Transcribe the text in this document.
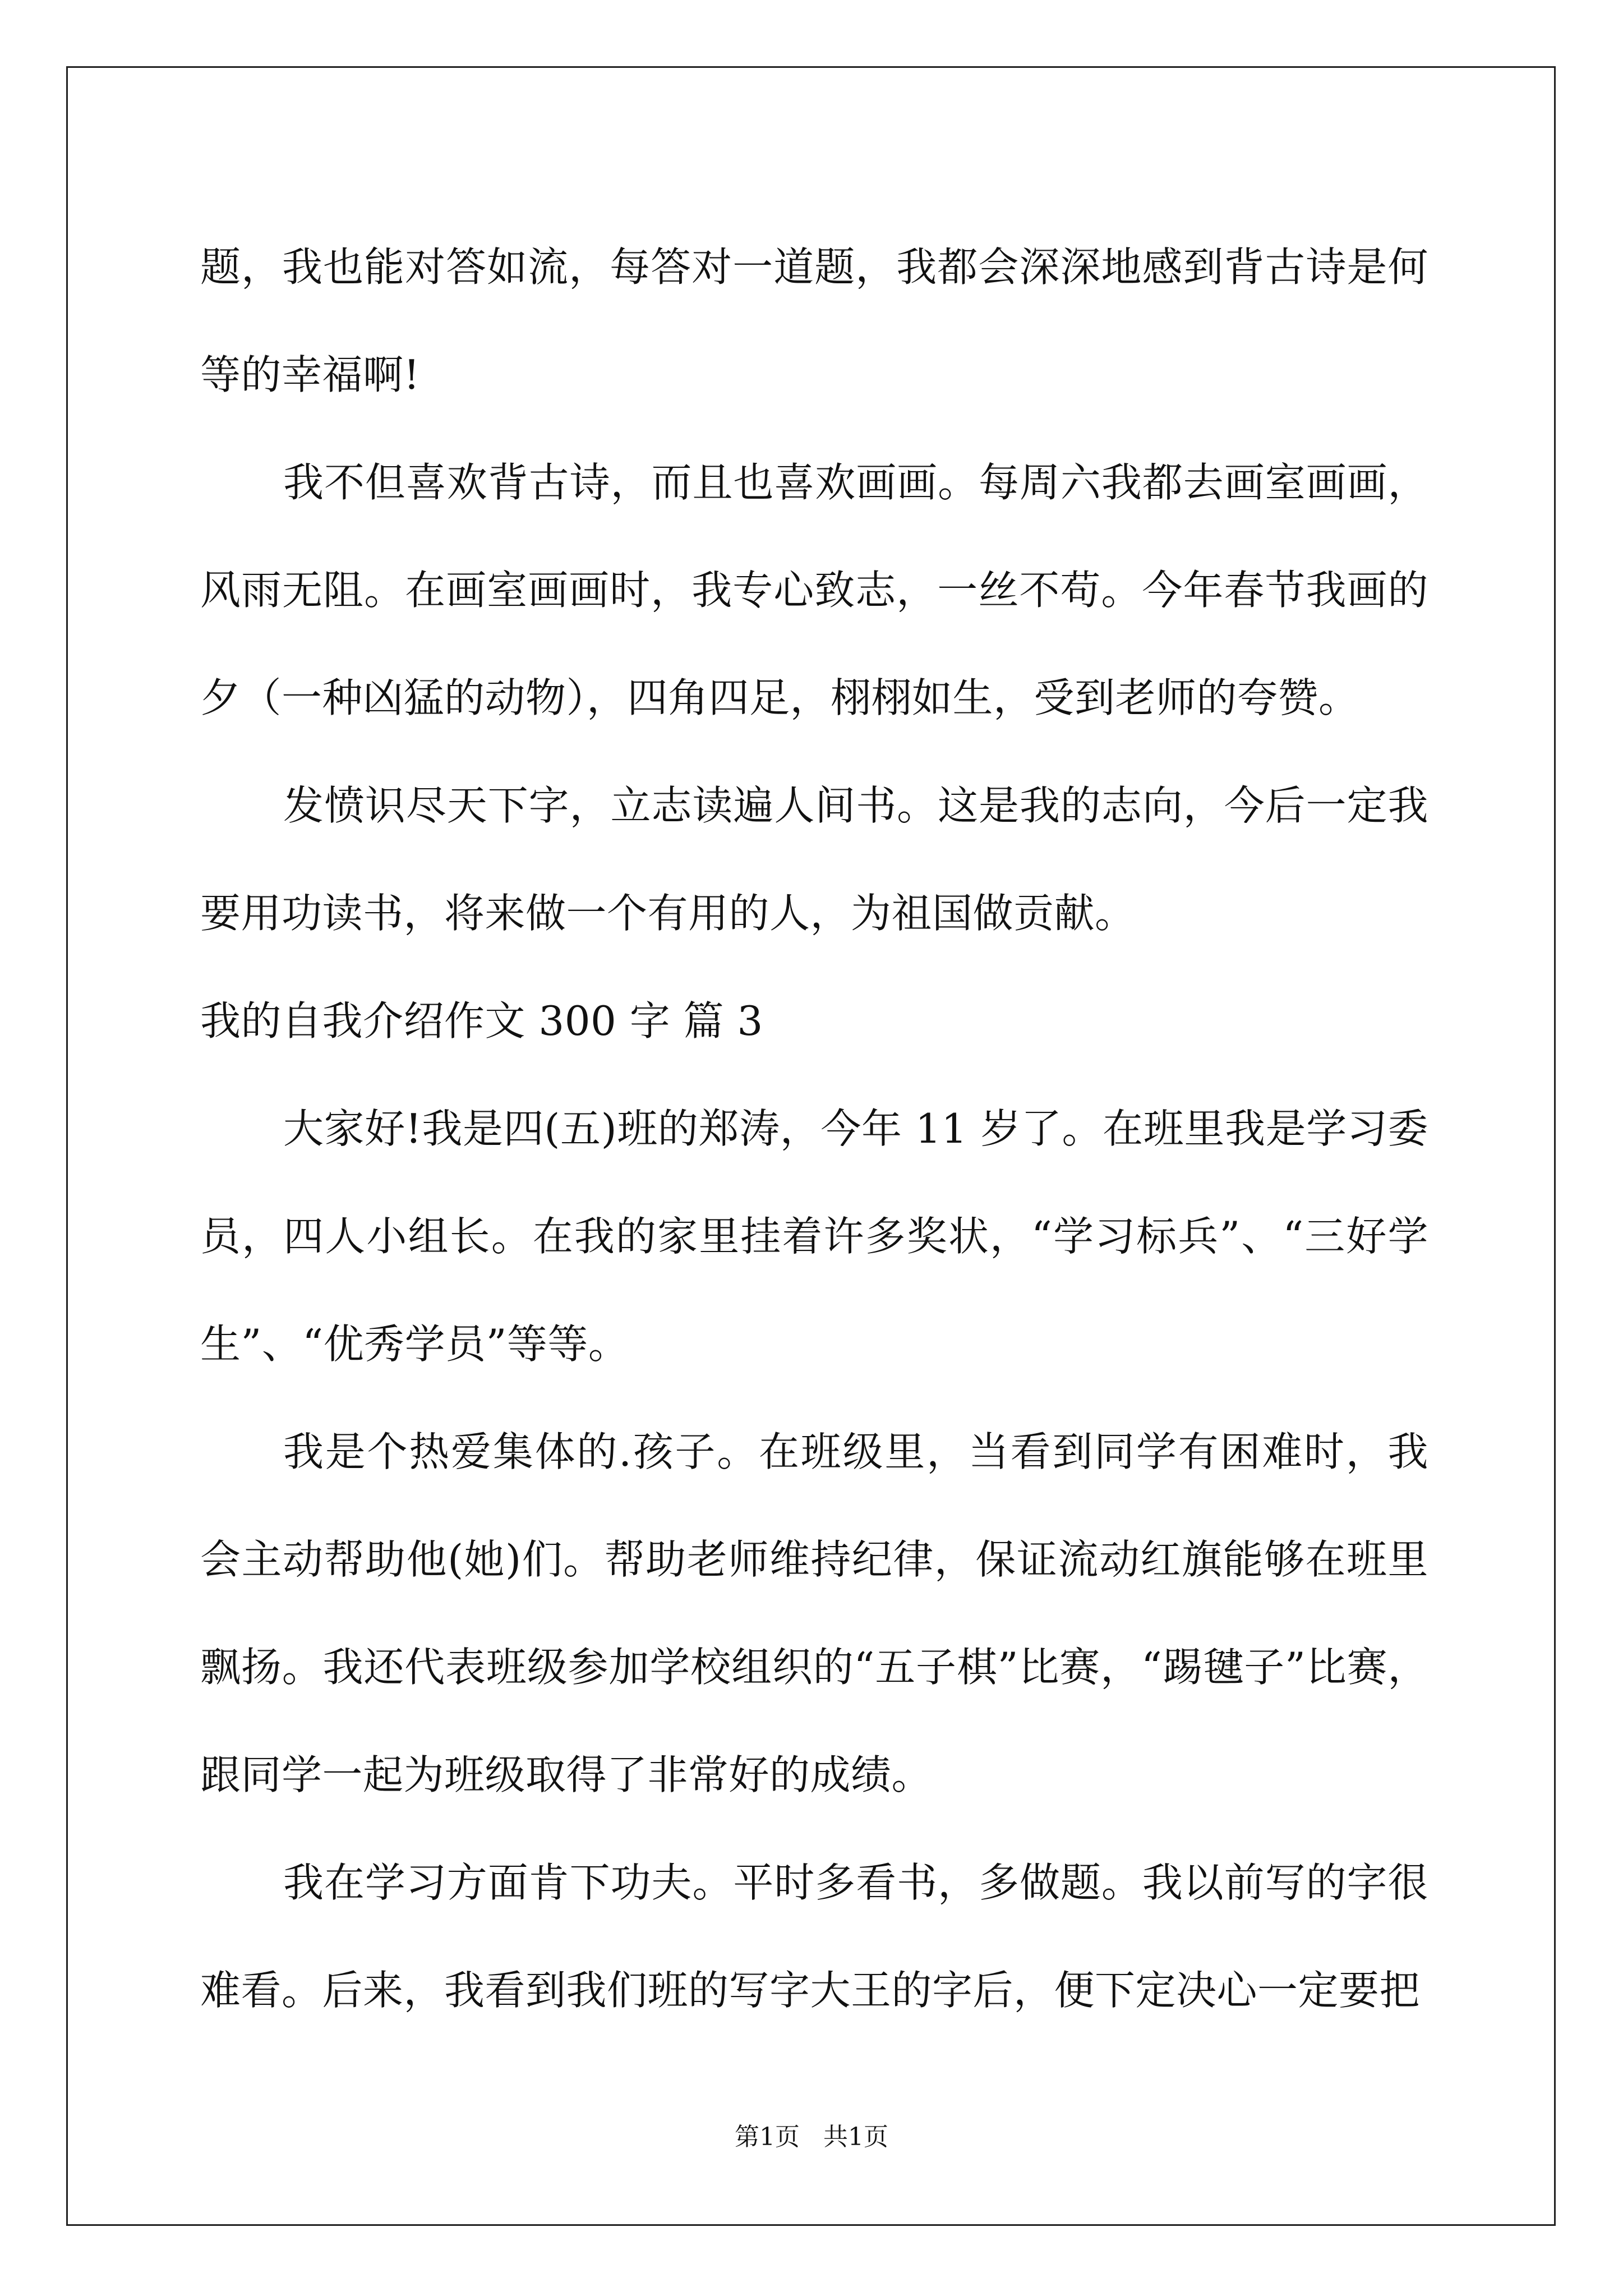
题，我也能对答如流，每答对一道题，我都会深深地感到背古诗是何等的幸福啊!

我不但喜欢背古诗，而且也喜欢画画。每周六我都去画室画画，风雨无阻。在画室画画时，我专心致志，一丝不苟。今年春节我画的夕（一种凶猛的动物），四角四足，栩栩如生，受到老师的夸赞。

发愤识尽天下字，立志读遍人间书。这是我的志向，今后一定我要用功读书，将来做一个有用的人，为祖国做贡献。

我的自我介绍作文 300 字 篇 3

大家好!我是四(五)班的郑涛，今年 11 岁了。在班里我是学习委员，四人小组长。在我的家里挂着许多奖状，“学习标兵”、“三好学生”、“优秀学员”等等。

我是个热爱集体的.孩子。在班级里，当看到同学有困难时，我会主动帮助他(她)们。帮助老师维持纪律，保证流动红旗能够在班里飘扬。我还代表班级参加学校组织的“五子棋”比赛，“踢毽子”比赛，跟同学一起为班级取得了非常好的成绩。

我在学习方面肯下功夫。平时多看书，多做题。我以前写的字很难看。后来，我看到我们班的写字大王的字后，便下定决心一定要把

第1页   共1页
